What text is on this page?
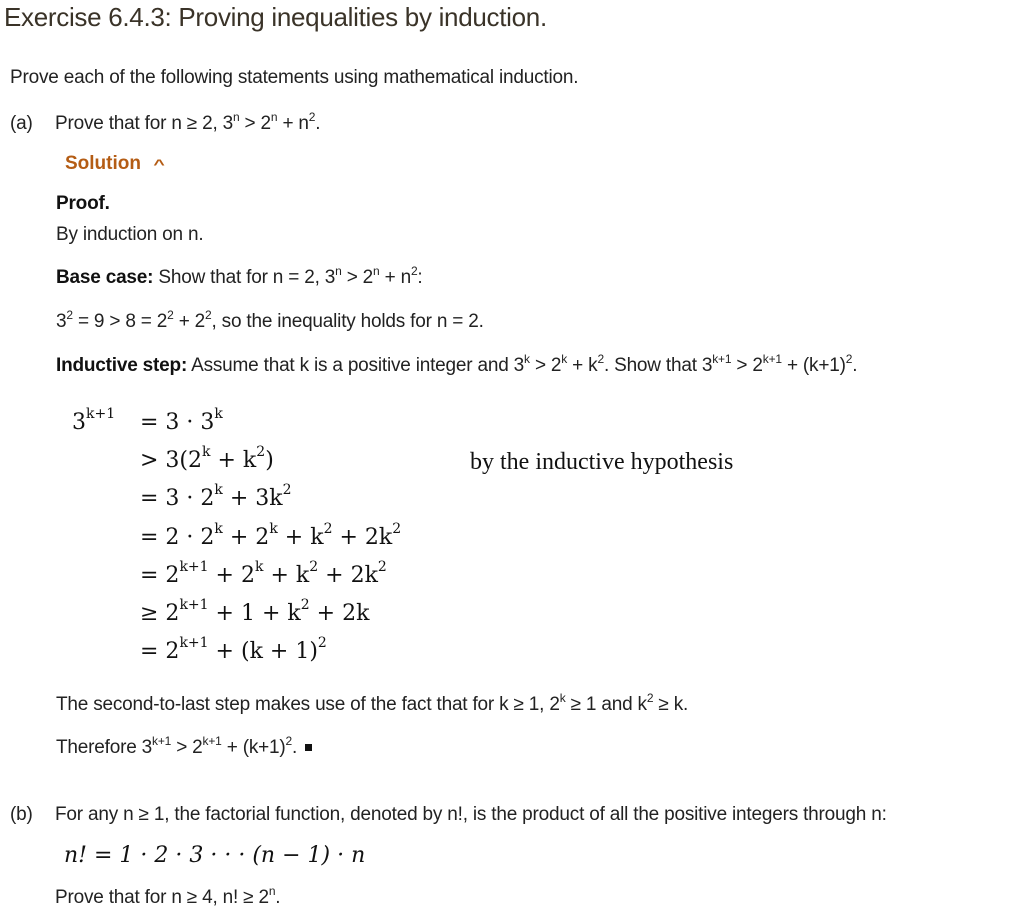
Exercise 6.4.3: Proving inequalities by induction.
Prove each of the following statements using mathematical induction.
(a) Prove that for n ≥ 2, $3^n > 2^n + n^2$.
Solution ^
Proof.
By induction on n.
Base case: Show that for n = 2, $3^n > 2^n + n^2$:
$3^2 = 9 > 8 = 2^2 + 2^2$, so the inequality holds for n = 2.
Inductive step: Assume that k is a positive integer and $3^k > 2^k + k^2$. Show that $3^{k+1} > 2^{k+1} + (k+1)^2$.
$3^{k+1} = 3 \cdot 3^k$
> $3(2^k + k^2)$
= $3 \cdot 2^k + 3k^2$
= $2 \cdot 2^k + 2^k + k^2 + 2k^2$
= $2^{k+1} + 2^k + k^2 + 2k^2$
≥ $2^{k+1} + 1 + k^2 + 2k$
= $2^{k+1} + (k + 1)^2$
by the inductive hypothesis
The second-to-last step makes use of the fact that for k ≥ 1, $2^k \ge 1$ and $k^2 \ge k$.
Therefore $3^{k+1} > 2^{k+1} + (k+1)^2$.
(b) For any n ≥ 1, the factorial function, denoted by n!, is the product of all the positive integers through n:
n! = 1 · 2 · 3 · · · (n − 1) · n
Prove that for n ≥ 4, n! ≥ $2^n$.
